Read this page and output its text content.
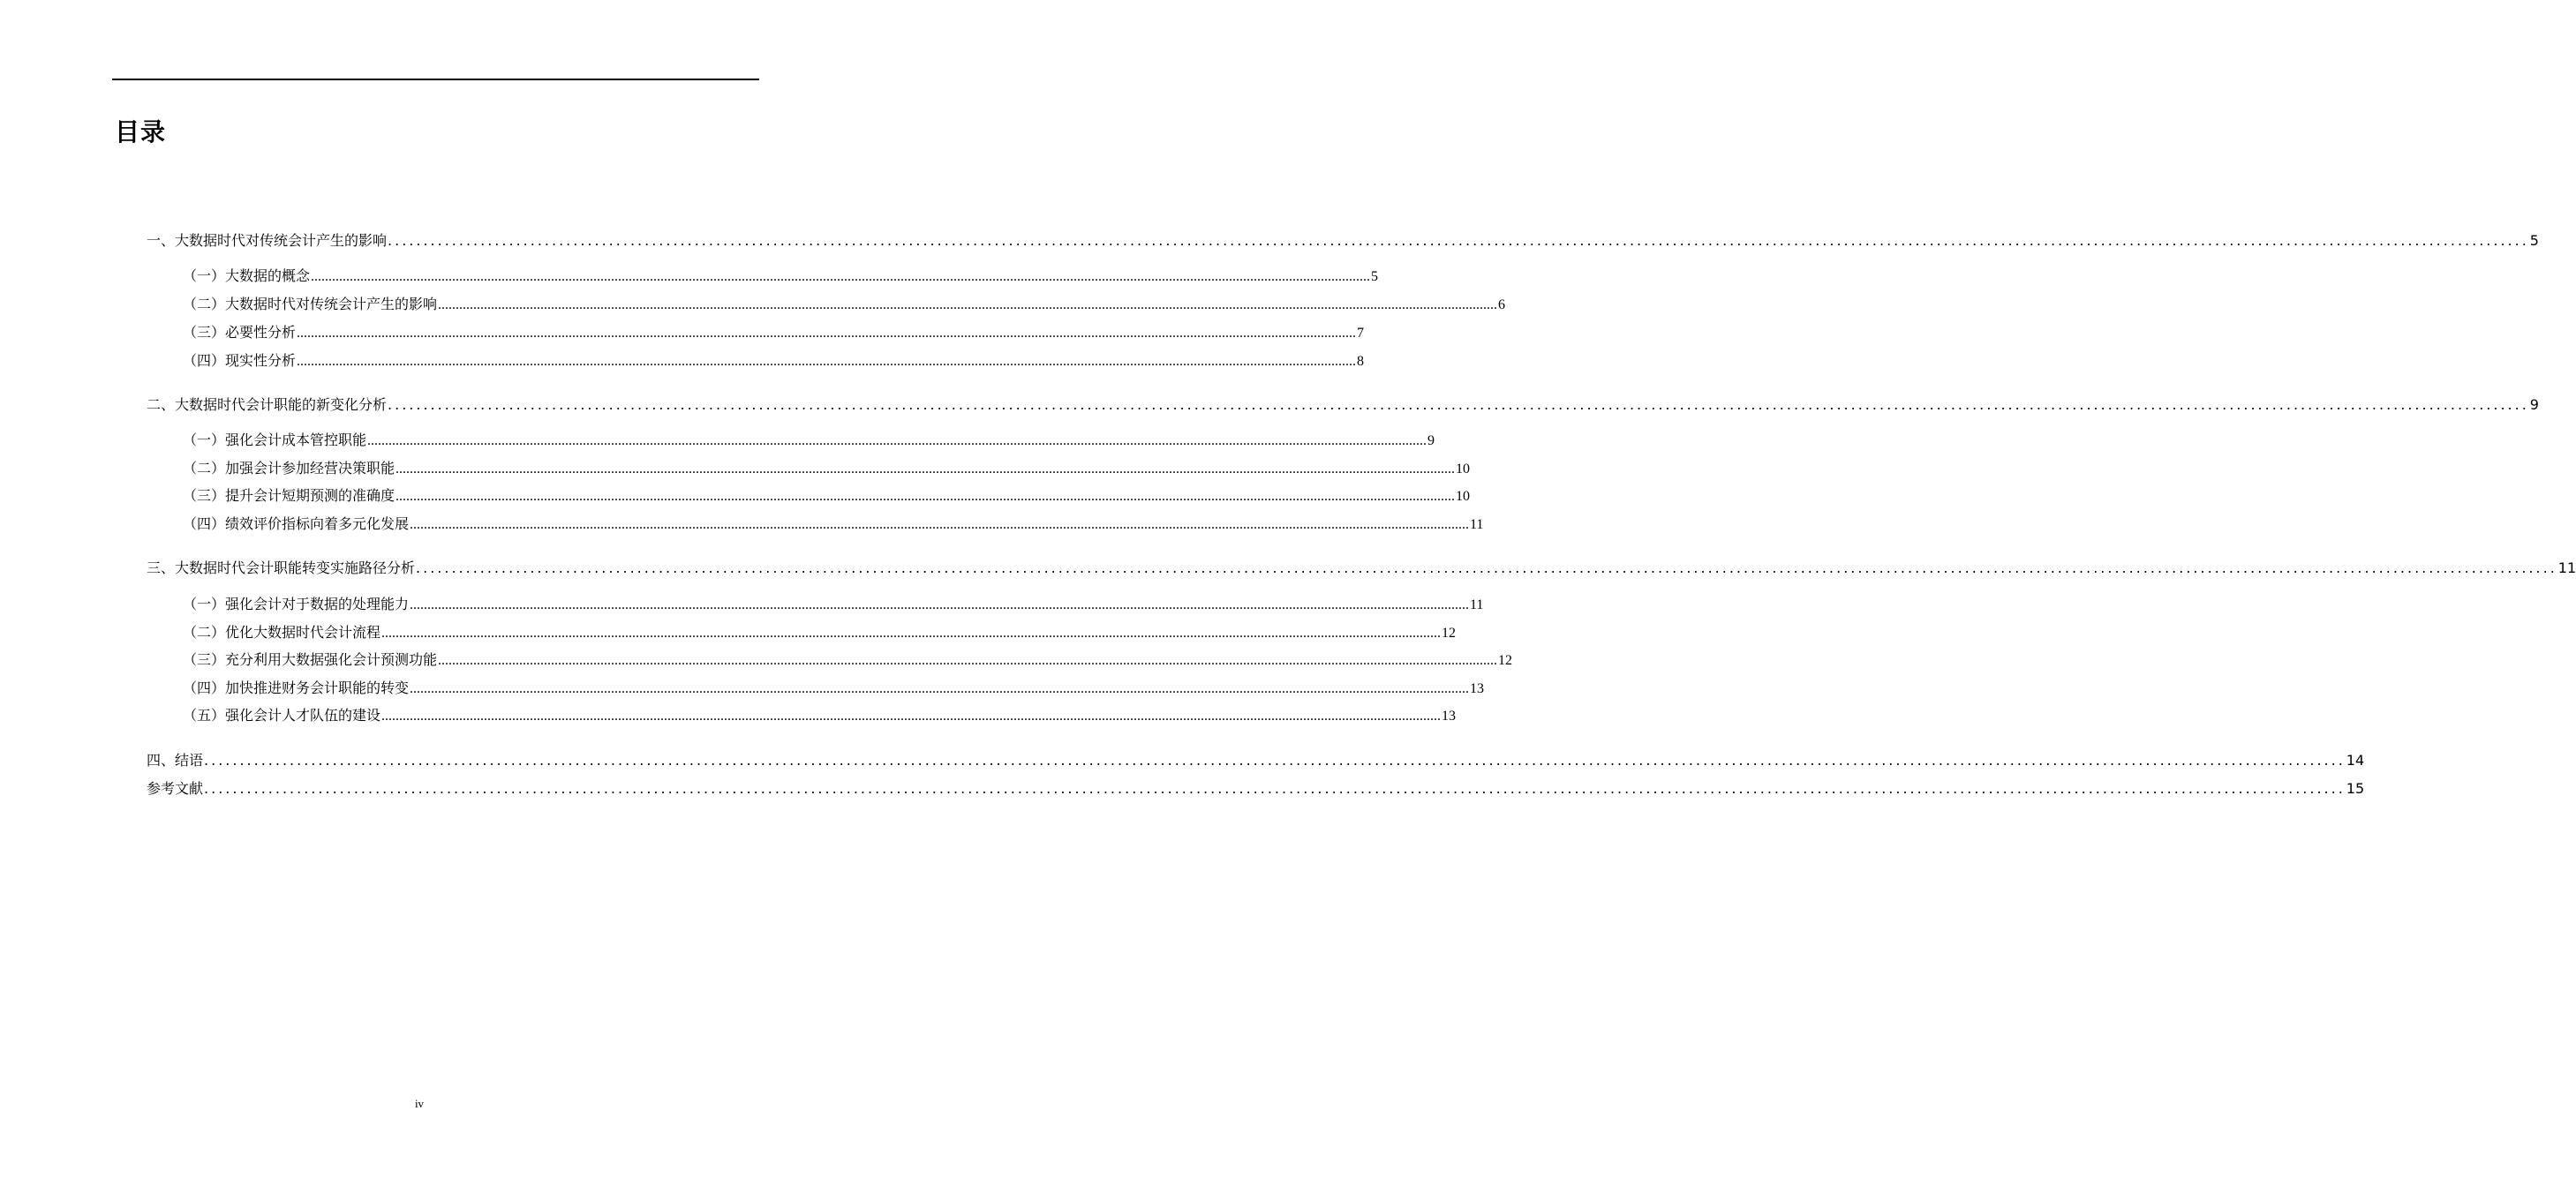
目录
一、大数据时代对传统会计产生的影响 ............................................................................................................................................................................................................................................................................................................ 5
（一）大数据的概念 ............................................................................................................................................................................................................................................................................................................ 5
（二）大数据时代对传统会计产生的影响 ............................................................................................................................................................................................................................................................................................................ 6
（三）必要性分析 ............................................................................................................................................................................................................................................................................................................ 7
（四）现实性分析 ............................................................................................................................................................................................................................................................................................................ 8
二、大数据时代会计职能的新变化分析 ............................................................................................................................................................................................................................................................................................................ 9
（一）强化会计成本管控职能 ............................................................................................................................................................................................................................................................................................................ 9
（二）加强会计参加经营决策职能 ............................................................................................................................................................................................................................................................................................................ 10
（三）提升会计短期预测的准确度 ............................................................................................................................................................................................................................................................................................................ 10
（四）绩效评价指标向着多元化发展 ............................................................................................................................................................................................................................................................................................................ 11
三、大数据时代会计职能转变实施路径分析 ............................................................................................................................................................................................................................................................................................................ 11
（一）强化会计对于数据的处理能力 ............................................................................................................................................................................................................................................................................................................ 11
（二）优化大数据时代会计流程 ............................................................................................................................................................................................................................................................................................................ 12
（三）充分利用大数据强化会计预测功能 ............................................................................................................................................................................................................................................................................................................ 12
（四）加快推进财务会计职能的转变 ............................................................................................................................................................................................................................................................................................................ 13
（五）强化会计人才队伍的建设 ............................................................................................................................................................................................................................................................................................................ 13
四、结语 ............................................................................................................................................................................................................................................................................................................ 14
参考文献 ............................................................................................................................................................................................................................................................................................................ 15
iv
